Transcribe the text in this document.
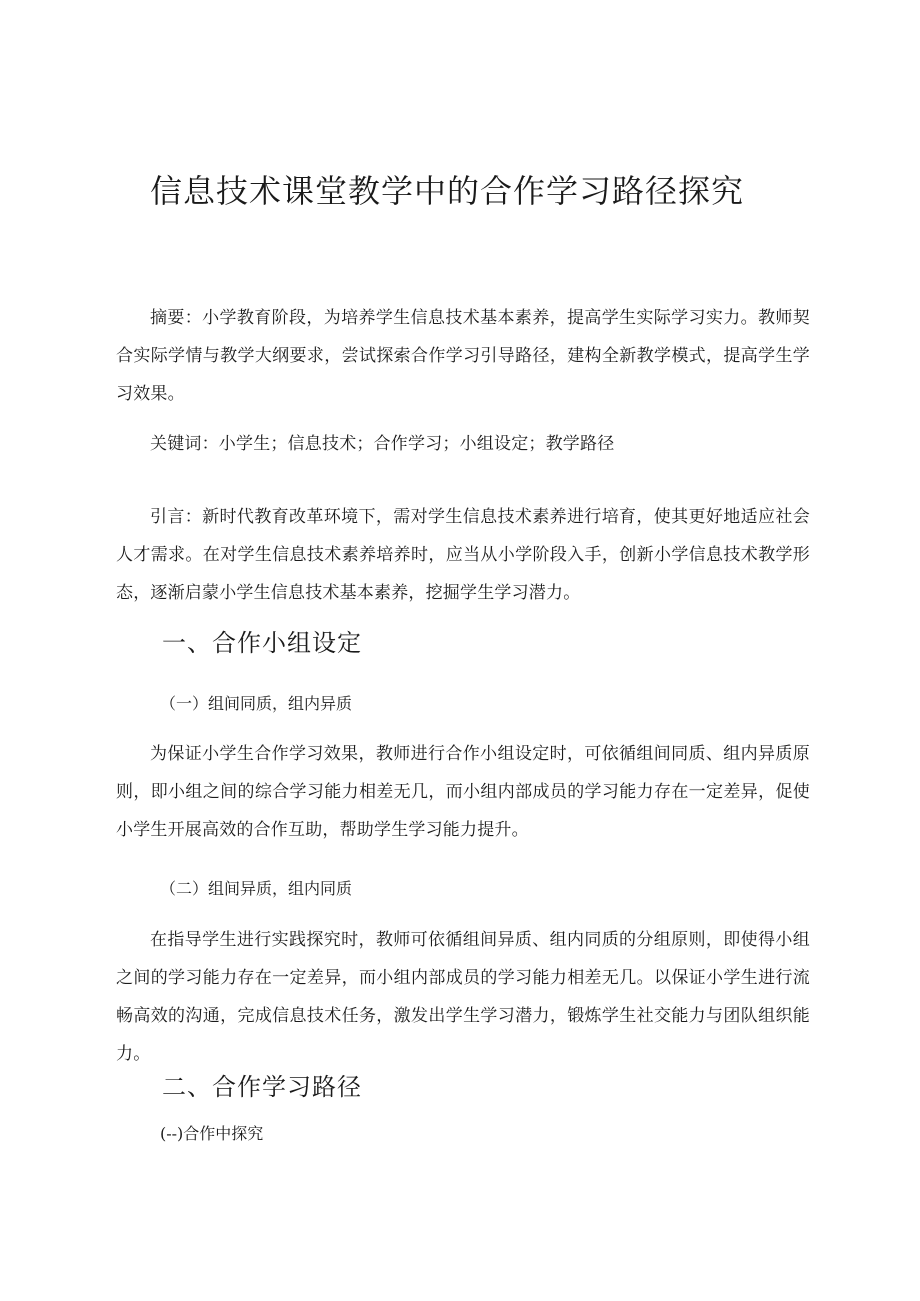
信息技术课堂教学中的合作学习路径探究

摘要：小学教育阶段，为培养学生信息技术基本素养，提高学生实际学习实力。教师契合实际学情与教学大纲要求，尝试探索合作学习引导路径，建构全新教学模式，提高学生学习效果。

关键词：小学生；信息技术；合作学习；小组设定；教学路径

引言：新时代教育改革环境下，需对学生信息技术素养进行培育，使其更好地适应社会人才需求。在对学生信息技术素养培养时，应当从小学阶段入手，创新小学信息技术教学形态，逐渐启蒙小学生信息技术基本素养，挖掘学生学习潜力。

一、合作小组设定
（一）组间同质，组内异质

为保证小学生合作学习效果，教师进行合作小组设定时，可依循组间同质、组内异质原则，即小组之间的综合学习能力相差无几，而小组内部成员的学习能力存在一定差异，促使小学生开展高效的合作互助，帮助学生学习能力提升。

（二）组间异质，组内同质

在指导学生进行实践探究时，教师可依循组间异质、组内同质的分组原则，即使得小组之间的学习能力存在一定差异，而小组内部成员的学习能力相差无几。以保证小学生进行流畅高效的沟通，完成信息技术任务，激发出学生学习潜力，锻炼学生社交能力与团队组织能力。

二、合作学习路径
(--)合作中探究
